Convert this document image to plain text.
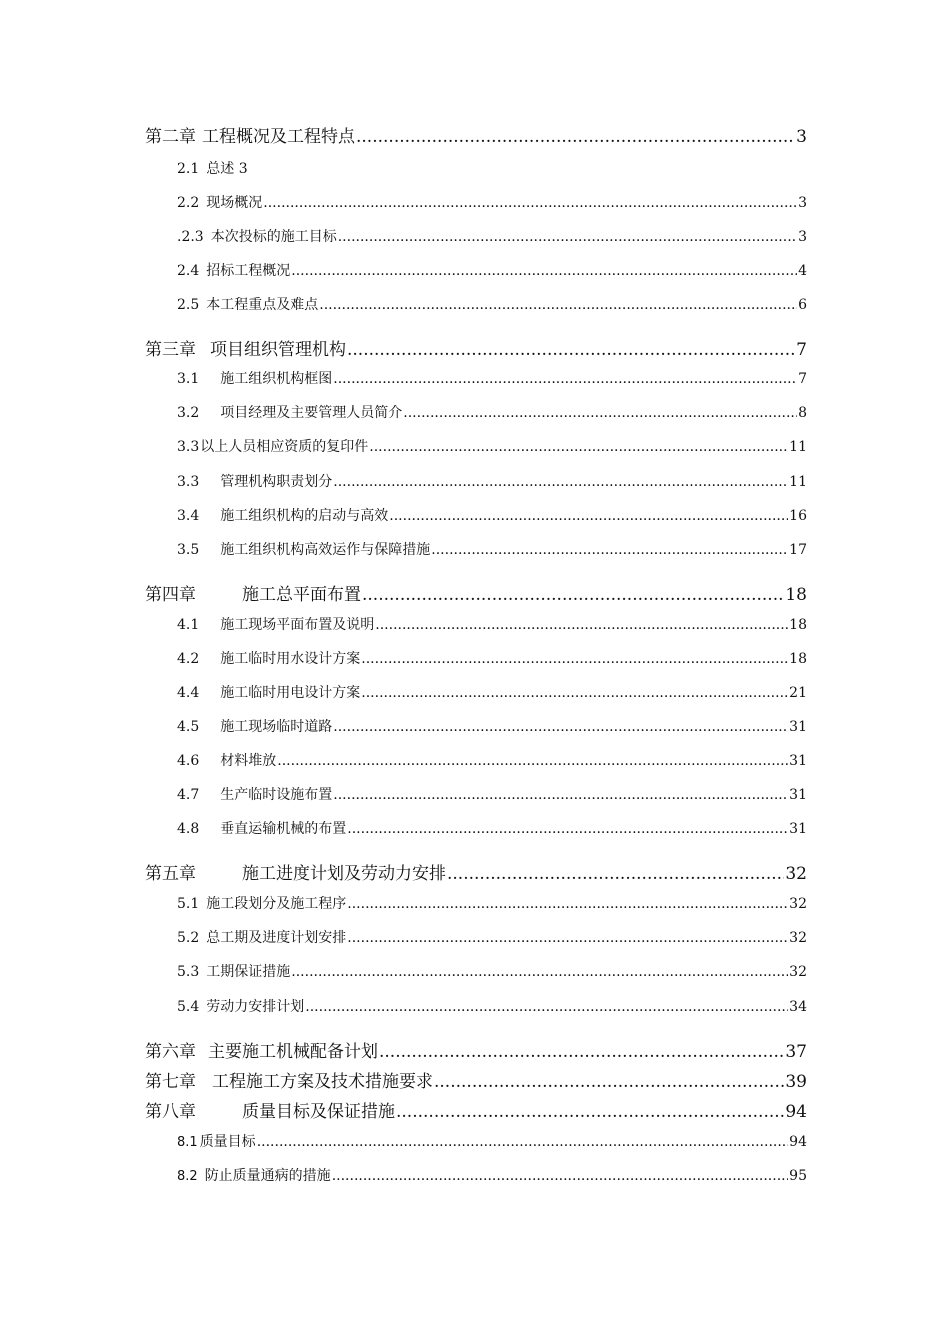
第二章 工程概况及工程特点 .....	3
2.1 总述 3
2.2 现场概况 .....	3
.2.3 本次投标的施工目标 .....	3
2.4 招标工程概况 .....	4
2.5 本工程重点及难点 .....	6
第三章 项目组织管理机构 .....	7
3.1 施工组织机构框图 .....	7
3.2 项目经理及主要管理人员简介 .....	8
3.3以上人员相应资质的复印件 .....	11
3.3 管理机构职责划分 .....	11
3.4 施工组织机构的启动与高效 .....	16
3.5 施工组织机构高效运作与保障措施 .....	17
第四章	施工总平面布置 .....	18
4.1 施工现场平面布置及说明 .....	18
4.2 施工临时用水设计方案 .....	18
4.4 施工临时用电设计方案 .....	21
4.5 施工现场临时道路 .....	31
4.6 材料堆放 .....	31
4.7 生产临时设施布置 .....	31
4.8 垂直运输机械的布置 .....	31
第五章	施工进度计划及劳动力安排 .....	32
5.1 施工段划分及施工程序 .....	32
5.2 总工期及进度计划安排 .....	32
5.3 工期保证措施 .....	32
5.4 劳动力安排计划 .....	34
第六章 主要施工机械配备计划 .....	37
第七章 工程施工方案及技术措施要求 .....	39
第八章	质量目标及保证措施 .....	94
8.1 质量目标 .....	94
8.2 防止质量通病的措施 .....	95
